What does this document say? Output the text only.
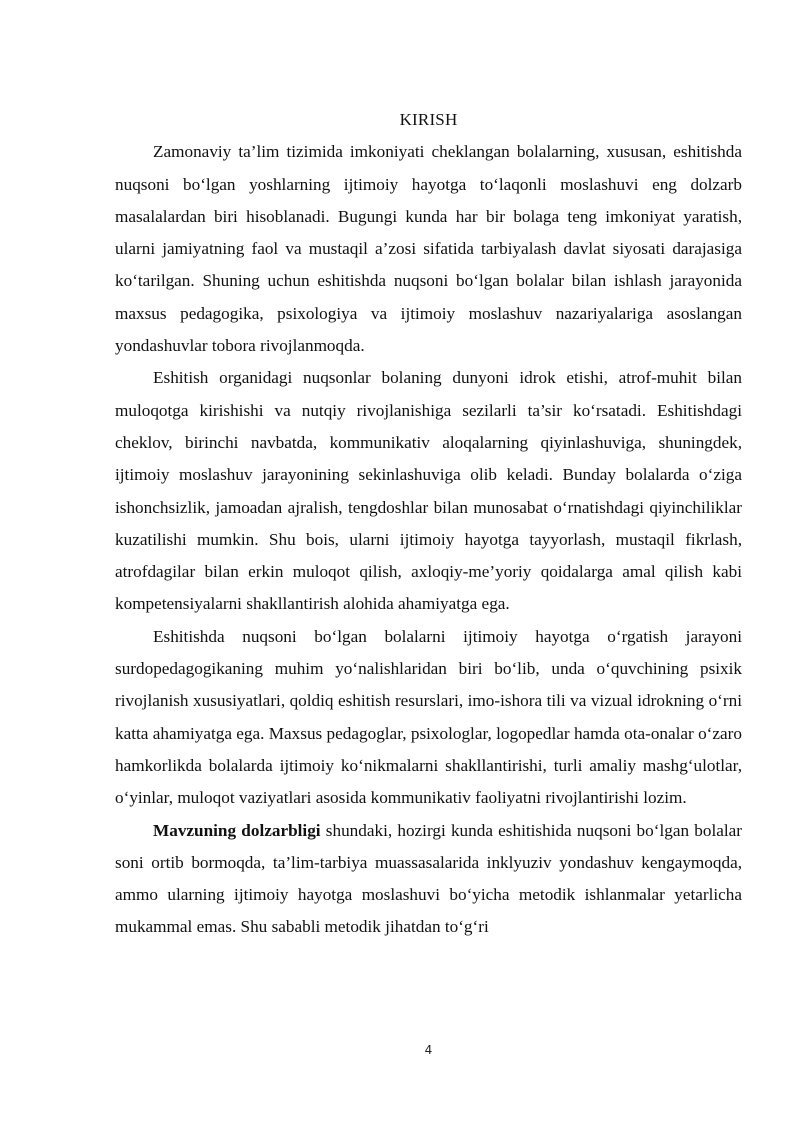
KIRISH

Zamonaviy ta’lim tizimida imkoniyati cheklangan bolalarning, xususan, eshitishda nuqsoni bo‘lgan yoshlarning ijtimoiy hayotga to‘laqonli moslashuvi eng dolzarb masalalardan biri hisoblanadi. Bugungi kunda har bir bolaga teng imkoniyat yaratish, ularni jamiyatning faol va mustaqil a’zosi sifatida tarbiyalash davlat siyosati darajasiga ko‘tarilgan. Shuning uchun eshitishda nuqsoni bo‘lgan bolalar bilan ishlash jarayonida maxsus pedagogika, psixologiya va ijtimoiy moslashuv nazariyalariga asoslangan yondashuvlar tobora rivojlanmoqda.

Eshitish organidagi nuqsonlar bolaning dunyoni idrok etishi, atrof-muhit bilan muloqotga kirishishi va nutqiy rivojlanishiga sezilarli ta’sir ko‘rsatadi. Eshitishdagi cheklov, birinchi navbatda, kommunikativ aloqalarning qiyinlashuviga, shuningdek, ijtimoiy moslashuv jarayonining sekinlashuviga olib keladi. Bunday bolalarda o‘ziga ishonchsizlik, jamoadan ajralish, tengdoshlar bilan munosabat o‘rnatishdagi qiyinchiliklar kuzatilishi mumkin. Shu bois, ularni ijtimoiy hayotga tayyorlash, mustaqil fikrlash, atrofdagilar bilan erkin muloqot qilish, axloqiy-me’yoriy qoidalarga amal qilish kabi kompetensiyalarni shakllantirish alohida ahamiyatga ega.

Eshitishda nuqsoni bo‘lgan bolalarni ijtimoiy hayotga o‘rgatish jarayoni surdopedagogikaning muhim yo‘nalishlaridan biri bo‘lib, unda o‘quvchining psixik rivojlanish xususiyatlari, qoldiq eshitish resurslari, imo-ishora tili va vizual idrokning o‘rni katta ahamiyatga ega. Maxsus pedagoglar, psixologlar, logopedlar hamda ota-onalar o‘zaro hamkorlikda bolalarda ijtimoiy ko‘nikmalarni shakllantirishi, turli amaliy mashg‘ulotlar, o‘yinlar, muloqot vaziyatlari asosida kommunikativ faoliyatni rivojlantirishi lozim.

Mavzuning dolzarbligi shundaki, hozirgi kunda eshitishida nuqsoni bo‘lgan bolalar soni ortib bormoqda, ta’lim-tarbiya muassasalarida inklyuziv yondashuv kengaymoqda, ammo ularning ijtimoiy hayotga moslashuvi bo‘yicha metodik ishlanmalar yetarlicha mukammal emas. Shu sababli metodik jihatdan to‘g‘ri

4
